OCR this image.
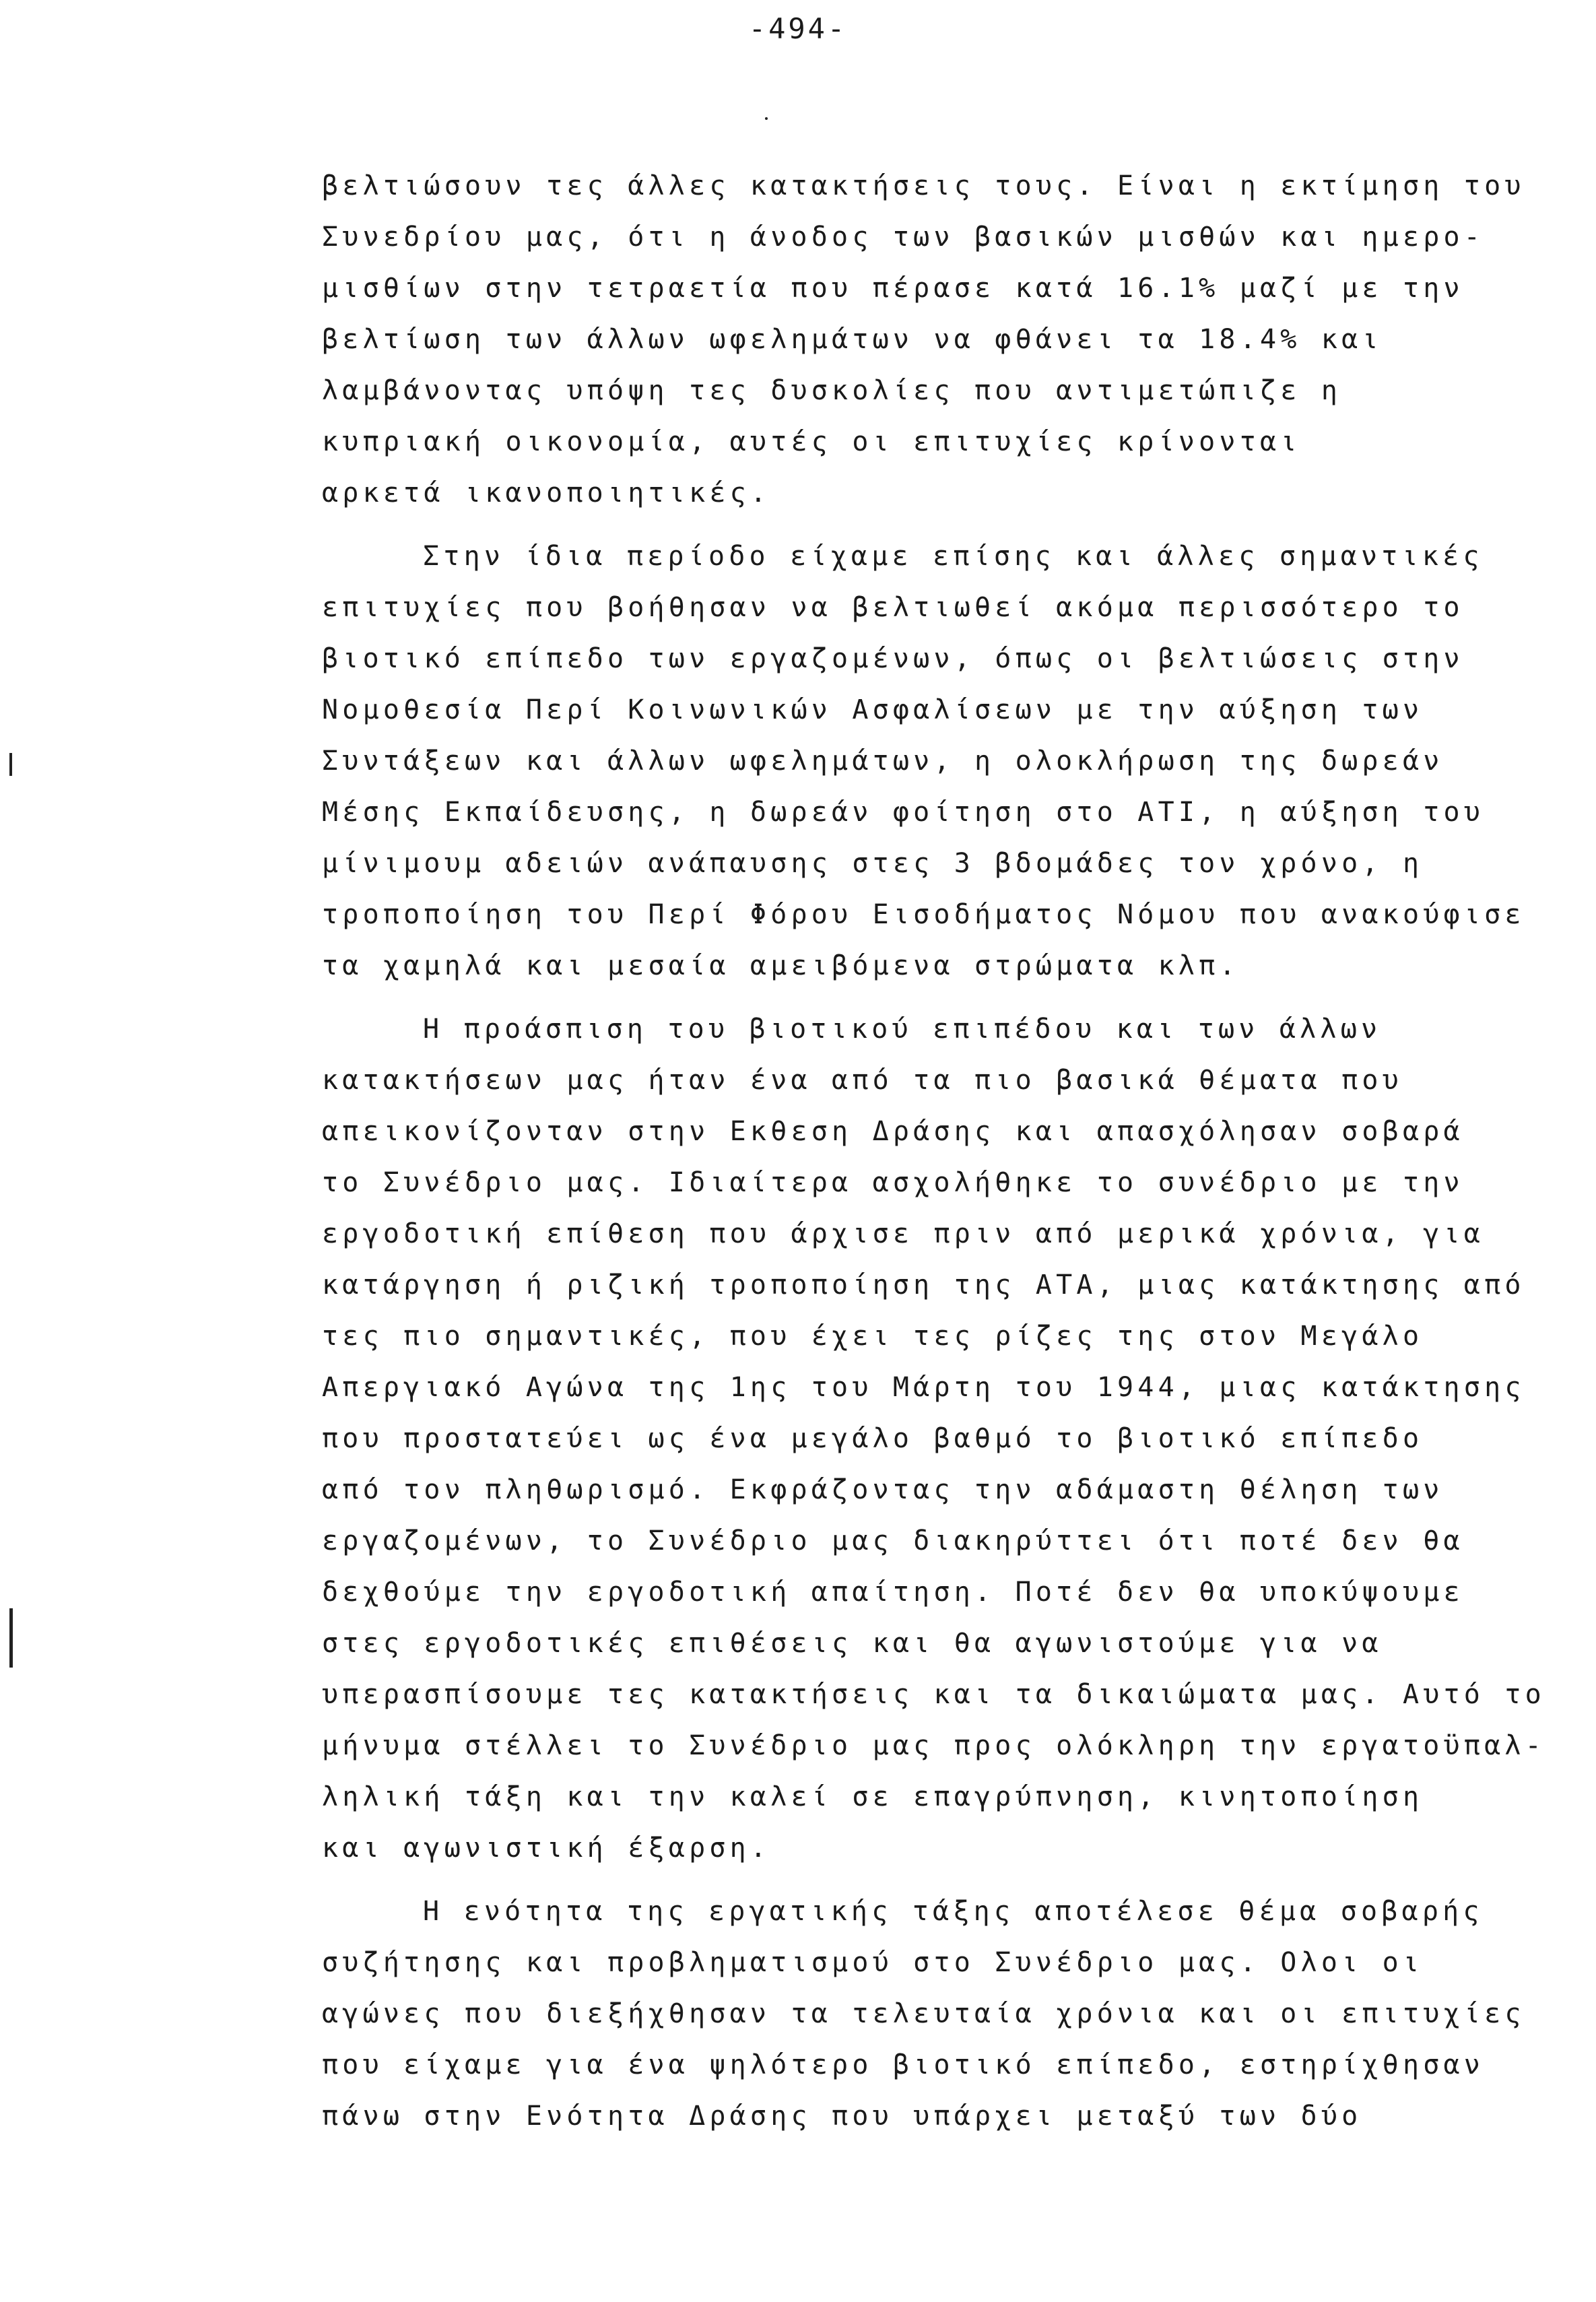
-494-
βελτιώσουν τες άλλες κατακτήσεις τους. Είναι η εκτίμηση του
Συνεδρίου μας, ότι η άνοδος των βασικών μισθών και ημερο-
μισθίων στην τετραετία που πέρασε κατά 16.1% μαζί με την
βελτίωση των άλλων ωφελημάτων να φθάνει τα 18.4% και
λαμβάνοντας υπόψη τες δυσκολίες που αντιμετώπιζε η
κυπριακή οικονομία, αυτές οι επιτυχίες κρίνονται
αρκετά ικανοποιητικές.
Στην ίδια περίοδο είχαμε επίσης και άλλες σημαντικές
επιτυχίες που βοήθησαν να βελτιωθεί ακόμα περισσότερο το
βιοτικό επίπεδο των εργαζομένων, όπως οι βελτιώσεις στην
Νομοθεσία Περί Κοινωνικών Ασφαλίσεων με την αύξηση των
Συντάξεων και άλλων ωφελημάτων, η ολοκλήρωση της δωρεάν
Μέσης Εκπαίδευσης, η δωρεάν φοίτηση στο ΑΤΙ, η αύξηση του
μίνιμουμ αδειών ανάπαυσης στες 3 βδομάδες τον χρόνο, η
τροποποίηση του Περί Φόρου Εισοδήματος Νόμου που ανακούφισε
τα χαμηλά και μεσαία αμειβόμενα στρώματα κλπ.
Η προάσπιση του βιοτικού επιπέδου και των άλλων
κατακτήσεων μας ήταν ένα από τα πιο βασικά θέματα που
απεικονίζονταν στην Εκθεση Δράσης και απασχόλησαν σοβαρά
το Συνέδριο μας. Ιδιαίτερα ασχολήθηκε το συνέδριο με την
εργοδοτική επίθεση που άρχισε πριν από μερικά χρόνια, για
κατάργηση ή ριζική τροποποίηση της ΑΤΑ, μιας κατάκτησης από
τες πιο σημαντικές, που έχει τες ρίζες της στον Μεγάλο
Απεργιακό Αγώνα της 1ης του Μάρτη του 1944, μιας κατάκτησης
που προστατεύει ως ένα μεγάλο βαθμό το βιοτικό επίπεδο
από τον πληθωρισμό. Εκφράζοντας την αδάμαστη θέληση των
εργαζομένων, το Συνέδριο μας διακηρύττει ότι ποτέ δεν θα
δεχθούμε την εργοδοτική απαίτηση. Ποτέ δεν θα υποκύψουμε
στες εργοδοτικές επιθέσεις και θα αγωνιστούμε για να
υπερασπίσουμε τες κατακτήσεις και τα δικαιώματα μας. Αυτό το
μήνυμα στέλλει το Συνέδριο μας προς ολόκληρη την εργατοϋπαλ-
ληλική τάξη και την καλεί σε επαγρύπνηση, κινητοποίηση
και αγωνιστική έξαρση.
Η ενότητα της εργατικής τάξης αποτέλεσε θέμα σοβαρής
συζήτησης και προβληματισμού στο Συνέδριο μας. Ολοι οι
αγώνες που διεξήχθησαν τα τελευταία χρόνια και οι επιτυχίες
που είχαμε για ένα ψηλότερο βιοτικό επίπεδο, εστηρίχθησαν
πάνω στην Ενότητα Δράσης που υπάρχει μεταξύ των δύο
